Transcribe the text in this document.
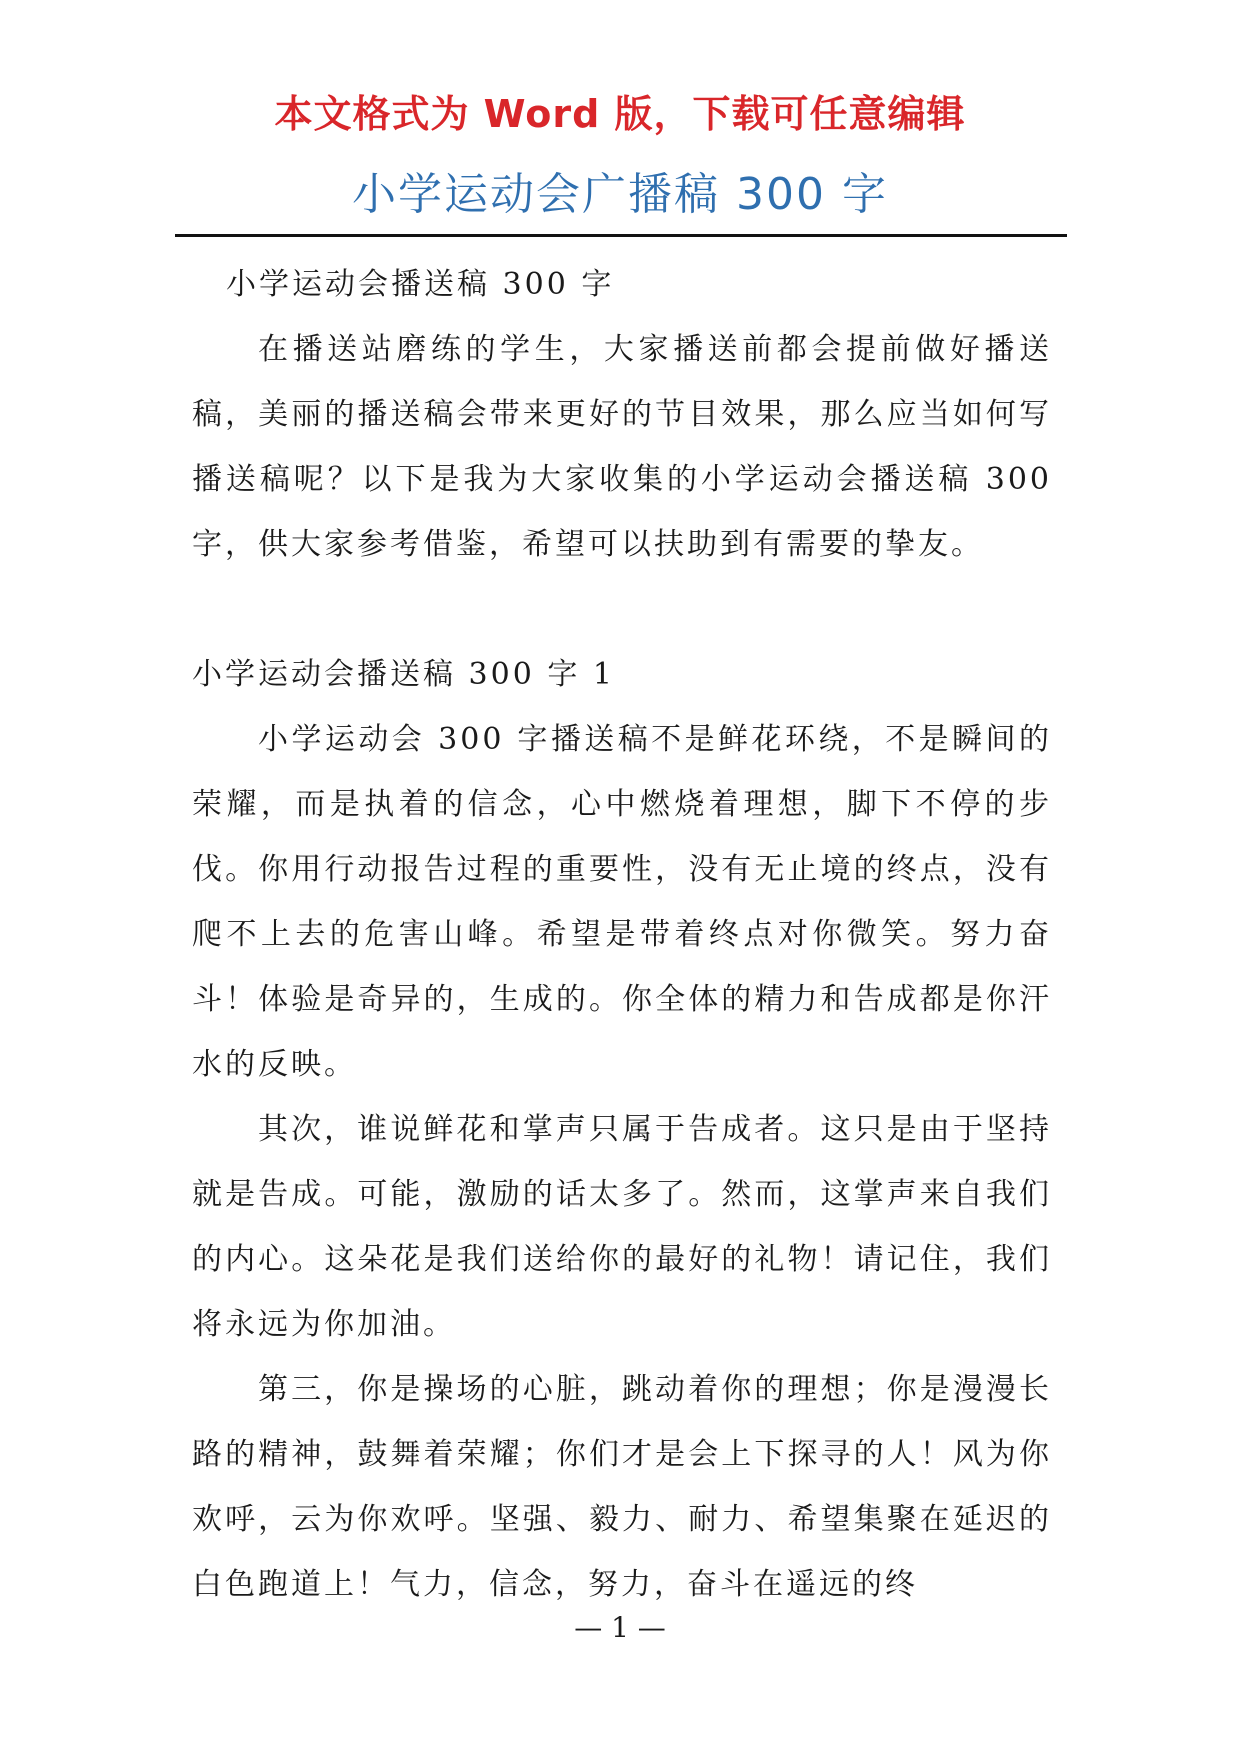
本文格式为 Word 版，下载可任意编辑
小学运动会广播稿 300 字

小学运动会播送稿 300 字

在播送站磨练的学生，大家播送前都会提前做好播送稿，美丽的播送稿会带来更好的节目效果，那么应当如何写播送稿呢？以下是我为大家收集的小学运动会播送稿 300 字，供大家参考借鉴，希望可以扶助到有需要的挚友。

小学运动会播送稿 300 字 1

小学运动会 300 字播送稿不是鲜花环绕，不是瞬间的荣耀，而是执着的信念，心中燃烧着理想，脚下不停的步伐。你用行动报告过程的重要性，没有无止境的终点，没有爬不上去的危害山峰。希望是带着终点对你微笑。努力奋斗！体验是奇异的，生成的。你全体的精力和告成都是你汗水的反映。

其次，谁说鲜花和掌声只属于告成者。这只是由于坚持就是告成。可能，激励的话太多了。然而，这掌声来自我们的内心。这朵花是我们送给你的最好的礼物！请记住，我们将永远为你加油。

第三，你是操场的心脏，跳动着你的理想；你是漫漫长路的精神，鼓舞着荣耀；你们才是会上下探寻的人！风为你欢呼，云为你欢呼。坚强、毅力、耐力、希望集聚在延迟的白色跑道上！气力，信念，努力，奋斗在遥远的终

— 1 —
